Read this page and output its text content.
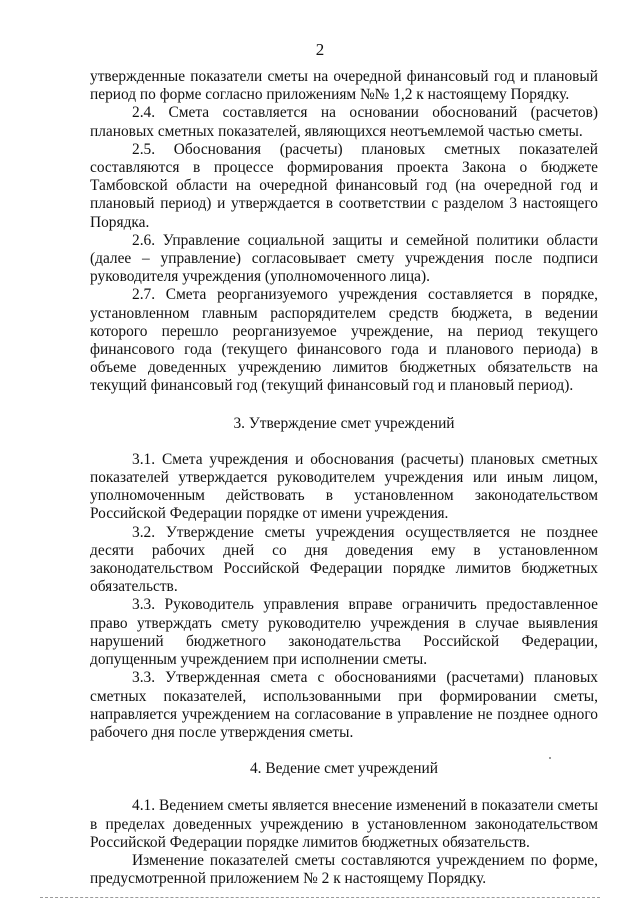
2

утвержденные показатели сметы на очередной финансовый год и плановый период по форме согласно приложениям №№ 1,2 к настоящему Порядку.

2.4. Смета составляется на основании обоснований (расчетов) плановых сметных показателей, являющихся неотъемлемой частью сметы.

2.5. Обоснования (расчеты) плановых сметных показателей составляются в процессе формирования проекта Закона о бюджете Тамбовской области на очередной финансовый год (на очередной год и плановый период) и утверждается в соответствии с разделом 3 настоящего Порядка.

2.6. Управление социальной защиты и семейной политики области (далее – управление) согласовывает смету учреждения после подписи руководителя учреждения (уполномоченного лица).

2.7. Смета реорганизуемого учреждения составляется в порядке, установленном главным распорядителем средств бюджета, в ведении которого перешло реорганизуемое учреждение, на период текущего финансового года (текущего финансового года и планового периода) в объеме доведенных учреждению лимитов бюджетных обязательств на текущий финансовый год (текущий финансовый год и плановый период).

3. Утверждение смет учреждений

3.1. Смета учреждения и обоснования (расчеты) плановых сметных показателей утверждается руководителем учреждения или иным лицом, уполномоченным действовать в установленном законодательством Российской Федерации порядке от имени учреждения.

3.2. Утверждение сметы учреждения осуществляется не позднее десяти рабочих дней со дня доведения ему в установленном законодательством Российской Федерации порядке лимитов бюджетных обязательств.

3.3. Руководитель управления вправе ограничить предоставленное право утверждать смету руководителю учреждения в случае выявления нарушений бюджетного законодательства Российской Федерации, допущенным учреждением при исполнении сметы.

3.3. Утвержденная смета с обоснованиями (расчетами) плановых сметных показателей, использованными при формировании сметы, направляется учреждением на согласование в управление не позднее одного рабочего дня после утверждения сметы.

4. Ведение смет учреждений

4.1. Ведением сметы является внесение изменений в показатели сметы в пределах доведенных учреждению в установленном законодательством Российской Федерации порядке лимитов бюджетных обязательств.

Изменение показателей сметы составляются учреждением по форме, предусмотренной приложением № 2 к настоящему Порядку.
